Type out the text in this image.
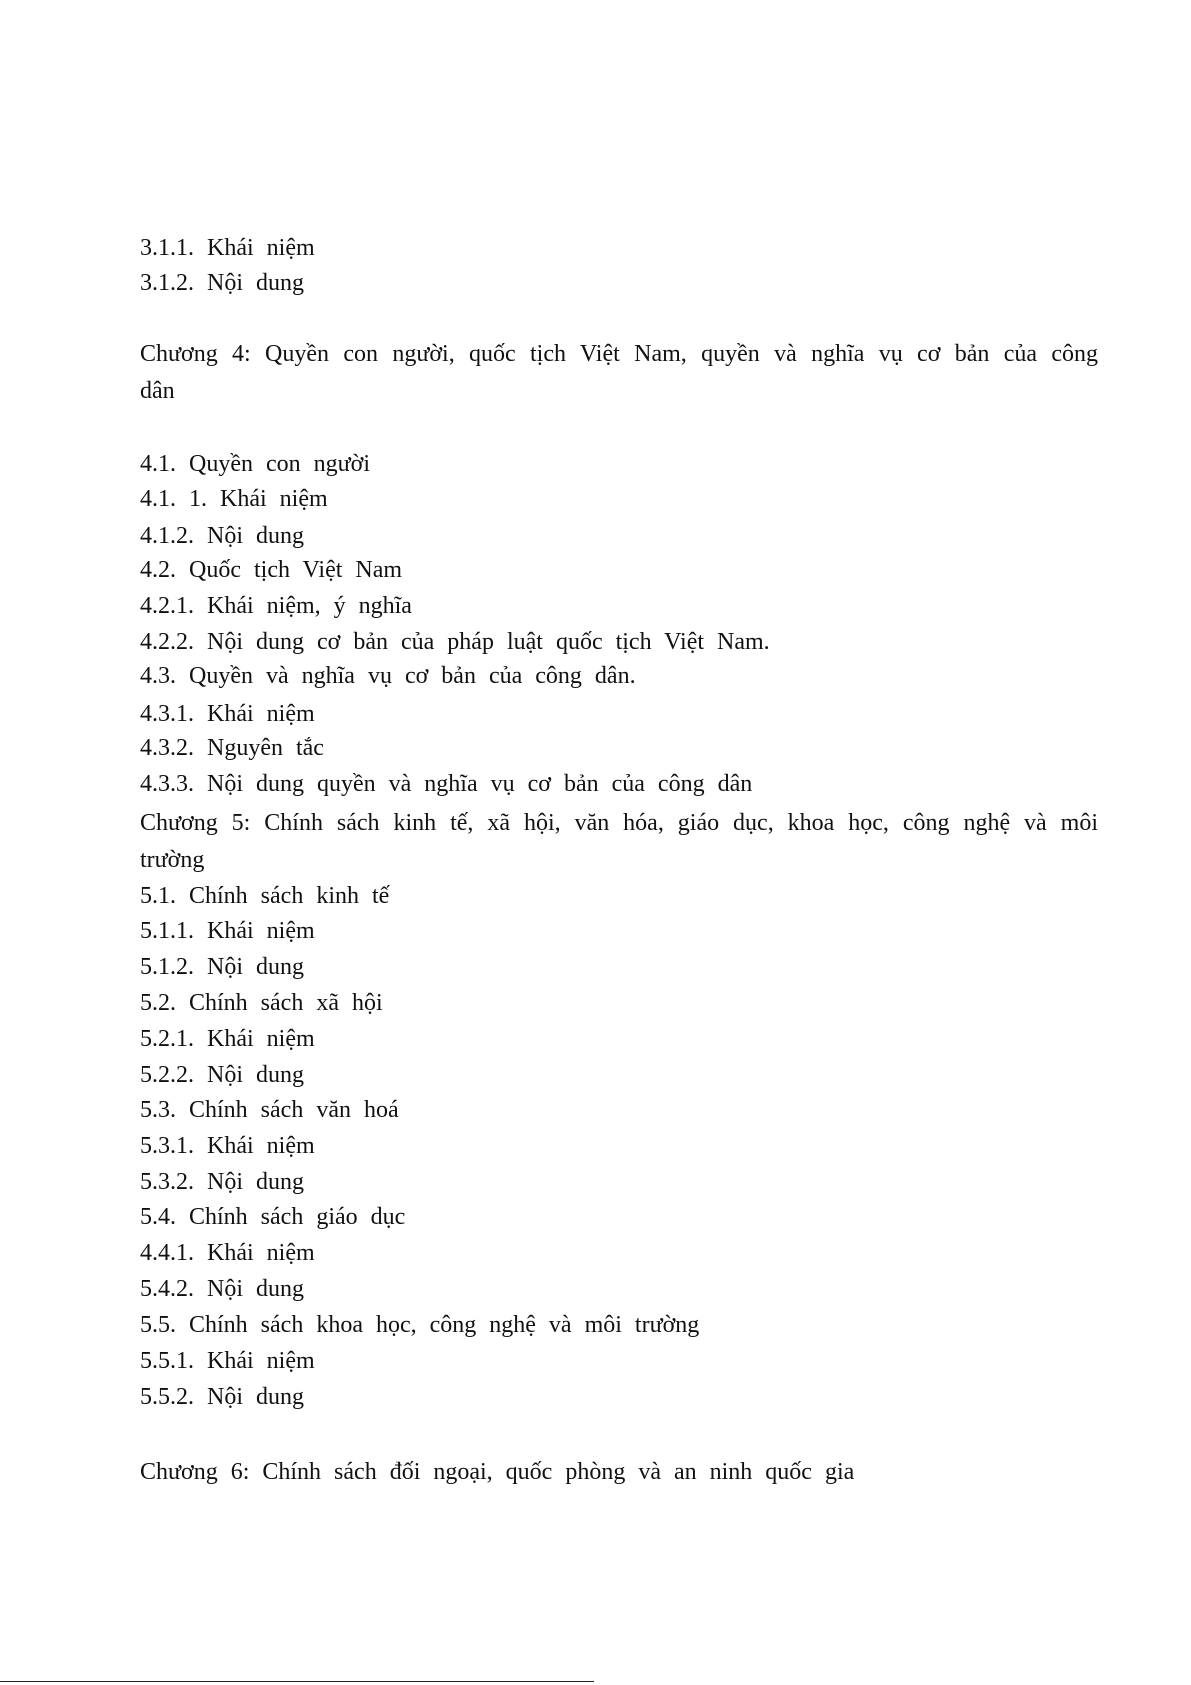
3.1.1. Khái niệm
3.1.2. Nội dung
Chương 4: Quyền con người, quốc tịch Việt Nam, quyền và nghĩa vụ cơ bản của công dân
4.1. Quyền con người
4.1. 1. Khái niệm
4.1.2. Nội dung
4.2. Quốc tịch Việt Nam
4.2.1. Khái niệm, ý nghĩa
4.2.2. Nội dung cơ bản của pháp luật quốc tịch Việt Nam.
4.3. Quyền và nghĩa vụ cơ bản của công dân.
4.3.1. Khái niệm
4.3.2. Nguyên tắc
4.3.3. Nội dung quyền và nghĩa vụ cơ bản của công dân
Chương 5: Chính sách kinh tế, xã hội, văn hóa, giáo dục, khoa học, công nghệ và môi trường
5.1. Chính sách kinh tế
5.1.1. Khái niệm
5.1.2. Nội dung
5.2. Chính sách xã hội
5.2.1. Khái niệm
5.2.2. Nội dung
5.3. Chính sách văn hoá
5.3.1. Khái niệm
5.3.2. Nội dung
5.4. Chính sách giáo dục
4.4.1. Khái niệm
5.4.2. Nội dung
5.5. Chính sách khoa học, công nghệ và môi trường
5.5.1. Khái niệm
5.5.2. Nội dung
Chương 6: Chính sách đối ngoại, quốc phòng và an ninh quốc gia
